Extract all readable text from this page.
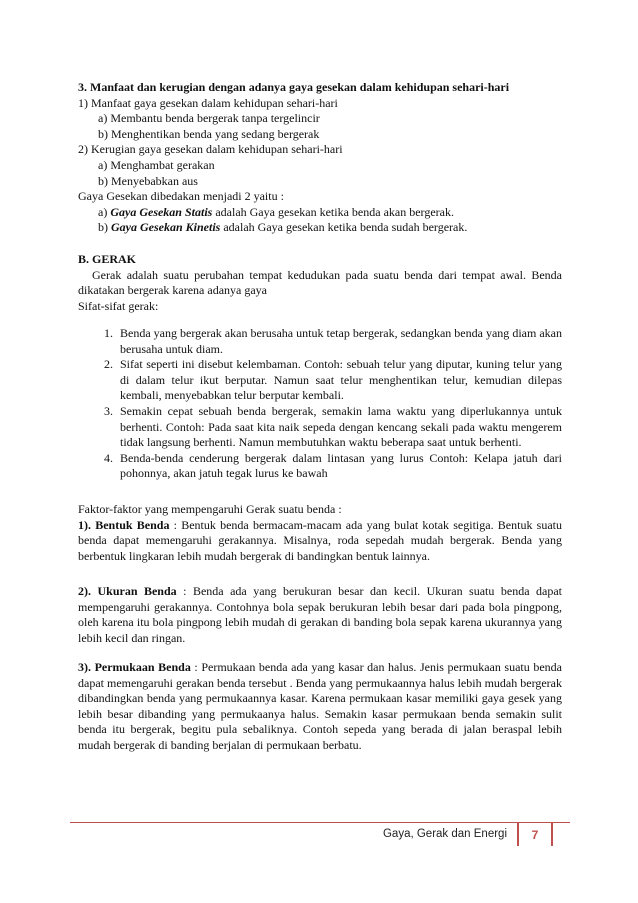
3. Manfaat dan kerugian dengan adanya gaya gesekan dalam kehidupan sehari-hari

1) Manfaat gaya gesekan dalam kehidupan sehari-hari

a) Membantu benda bergerak tanpa tergelincir

b) Menghentikan benda yang sedang bergerak

2) Kerugian gaya gesekan dalam kehidupan sehari-hari

a) Menghambat gerakan

b) Menyebabkan aus

Gaya Gesekan dibedakan menjadi 2 yaitu :

a) Gaya Gesekan Statis adalah Gaya gesekan ketika benda akan bergerak.

b) Gaya Gesekan Kinetis adalah Gaya gesekan ketika benda sudah bergerak.

B. GERAK

Gerak adalah suatu perubahan tempat kedudukan pada suatu benda dari tempat awal. Benda dikatakan bergerak karena adanya gaya

Sifat-sifat gerak:

1. Benda yang bergerak akan berusaha untuk tetap bergerak, sedangkan benda yang diam akan berusaha untuk diam.
2. Sifat seperti ini disebut kelembaman. Contoh: sebuah telur yang diputar, kuning telur yang di dalam telur ikut berputar. Namun saat telur menghentikan telur, kemudian dilepas kembali, menyebabkan telur berputar kembali.
3. Semakin cepat sebuah benda bergerak, semakin lama waktu yang diperlukannya untuk berhenti. Contoh: Pada saat kita naik sepeda dengan kencang sekali pada waktu mengerem tidak langsung berhenti. Namun membutuhkan waktu beberapa saat untuk berhenti.
4. Benda-benda cenderung bergerak dalam lintasan yang lurus Contoh: Kelapa jatuh dari pohonnya, akan jatuh tegak lurus ke bawah

Faktor-faktor yang mempengaruhi Gerak suatu benda :

1). Bentuk Benda : Bentuk benda bermacam-macam ada yang bulat kotak segitiga. Bentuk suatu benda dapat memengaruhi gerakannya. Misalnya, roda sepedah mudah bergerak. Benda yang berbentuk lingkaran lebih mudah bergerak di bandingkan bentuk lainnya.

2). Ukuran Benda : Benda ada yang berukuran besar dan kecil. Ukuran suatu benda dapat mempengaruhi gerakannya. Contohnya bola sepak berukuran lebih besar dari pada bola pingpong, oleh karena itu bola pingpong lebih mudah di gerakan di banding bola sepak karena ukurannya yang lebih kecil dan ringan.
3). Permukaan Benda : Permukaan benda ada yang kasar dan halus. Jenis permukaan suatu benda dapat memengaruhi gerakan benda tersebut . Benda yang permukaannya halus lebih mudah bergerak dibandingkan benda yang permukaannya kasar. Karena permukaan kasar memiliki gaya gesek yang lebih besar dibanding yang permukaanya halus. Semakin kasar permukaan benda semakin sulit benda itu bergerak, begitu pula sebaliknya. Contoh sepeda yang berada di jalan beraspal lebih mudah bergerak di banding berjalan di permukaan berbatu.
Gaya, Gerak dan Energi	7
